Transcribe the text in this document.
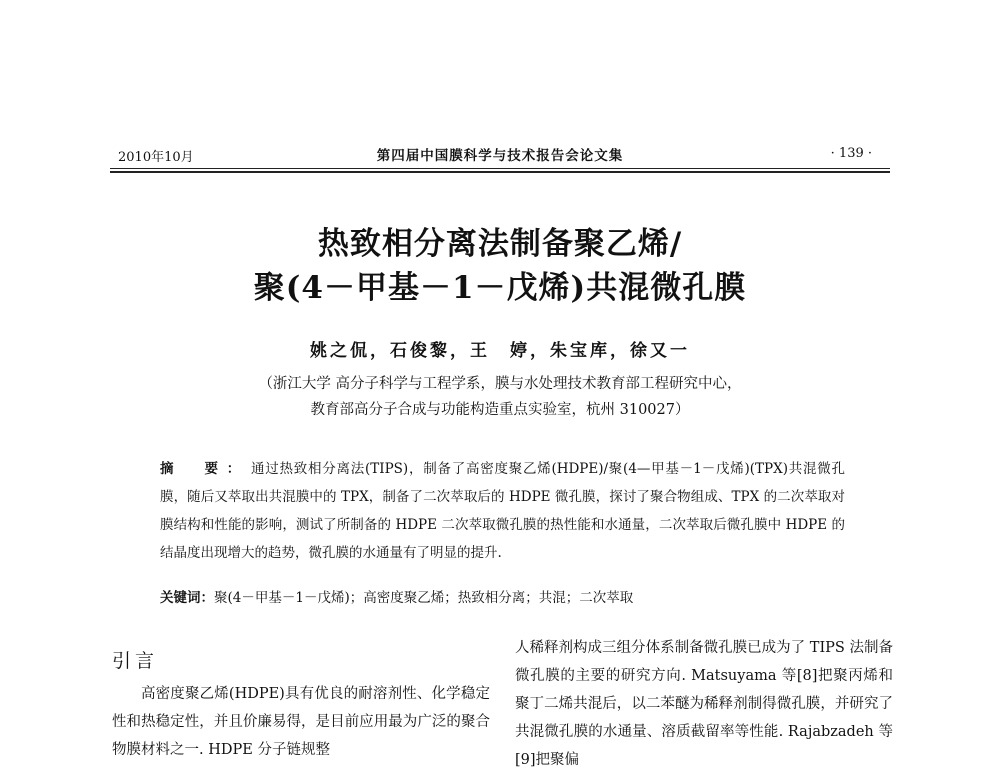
2010年10月	第四届中国膜科学与技术报告会论文集	· 139 ·
热致相分离法制备聚乙烯/
聚(4－甲基－1－戊烯)共混微孔膜
姚之侃，石俊黎，王　婷，朱宝库，徐又一
（浙江大学 高分子科学与工程学系，膜与水处理技术教育部工程研究中心，
教育部高分子合成与功能构造重点实验室，杭州 310027）
摘　要： 通过热致相分离法(TIPS)，制备了高密度聚乙烯(HDPE)/聚(4—甲基－1－戊烯)(TPX)共混微孔膜，随后又萃取出共混膜中的 TPX，制备了二次萃取后的 HDPE 微孔膜，探讨了聚合物组成、TPX 的二次萃取对膜结构和性能的影响，测试了所制备的 HDPE 二次萃取微孔膜的热性能和水通量，二次萃取后微孔膜中 HDPE 的结晶度出现增大的趋势，微孔膜的水通量有了明显的提升.
关键词：聚(4－甲基－1－戊烯)；高密度聚乙烯；热致相分离；共混；二次萃取
引言
高密度聚乙烯(HDPE)具有优良的耐溶剂性、化学稳定性和热稳定性，并且价廉易得，是目前应用最为广泛的聚合物膜材料之一. HDPE 分子链规整
人稀释剂构成三组分体系制备微孔膜已成为了 TIPS 法制备微孔膜的主要的研究方向. Matsuyama 等[8]把聚丙烯和聚丁二烯共混后，以二苯醚为稀释剂制得微孔膜，并研究了共混微孔膜的水通量、溶质截留率等性能. Rajabzadeh 等[9]把聚偏
